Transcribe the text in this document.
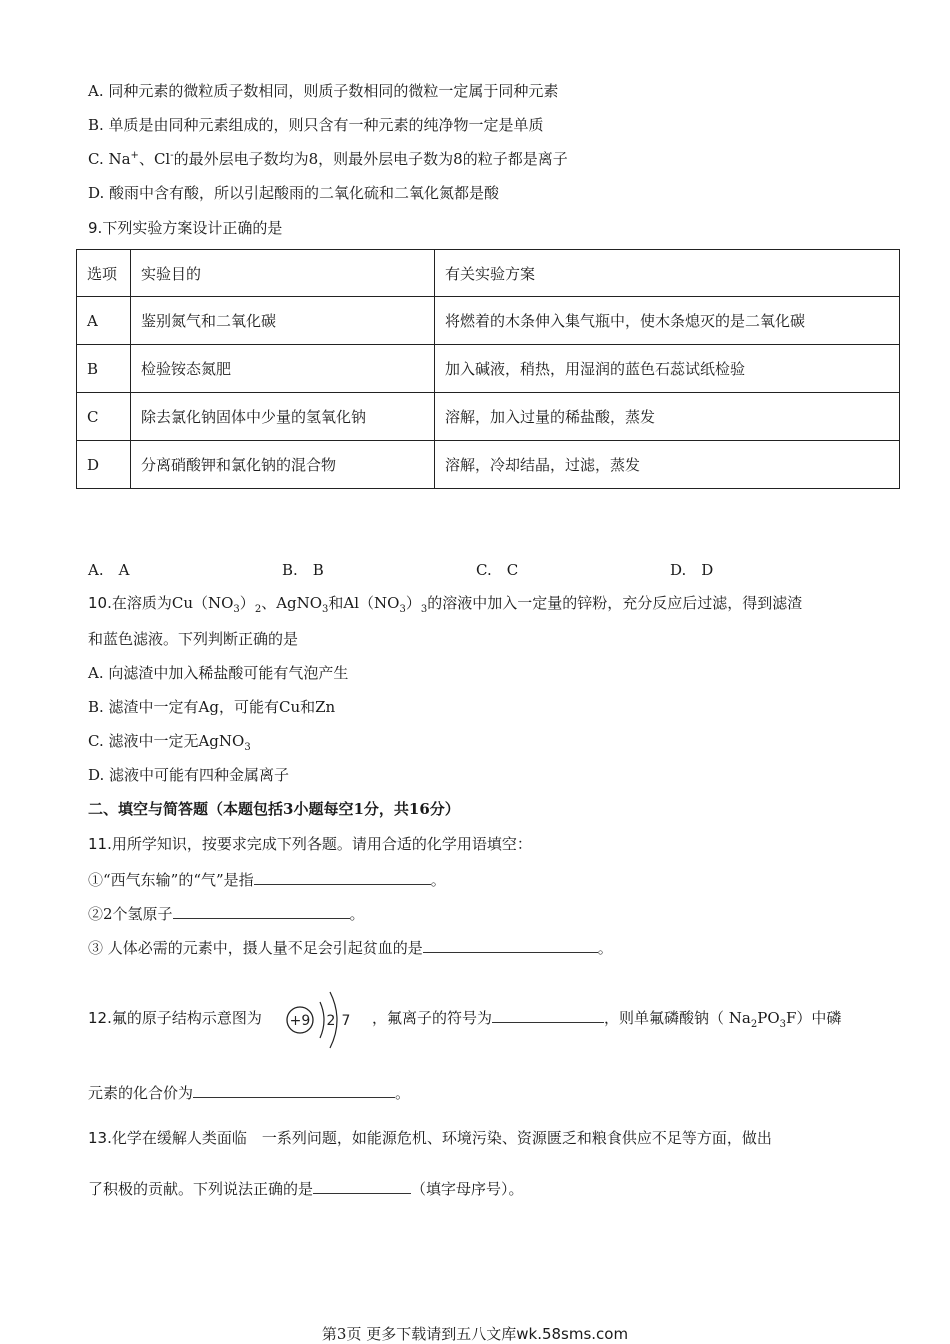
A. 同种元素的微粒质子数相同，则质子数相同的微粒一定属于同种元素
B. 单质是由同种元素组成的，则只含有一种元素的纯净物一定是单质
C. Na+、Cl-的最外层电子数均为8，则最外层电子数为8的粒子都是离子
D. 酸雨中含有酸，所以引起酸雨的二氧化硫和二氧化氮都是酸
9.下列实验方案设计正确的是
选项	实验目的	有关实验方案
A	鉴别氮气和二氧化碳	将燃着的木条伸入集气瓶中，使木条熄灭的是二氧化碳
B	检验铵态氮肥	加入碱液，稍热，用湿润的蓝色石蕊试纸检验
C	除去氯化钠固体中少量的氢氧化钠	溶解，加入过量的稀盐酸，蒸发
D	分离硝酸钾和氯化钠的混合物	溶解，冷却结晶，过滤，蒸发
A.　A	B.　B	C.　C	D.　D
10.在溶质为$Cu(NO_3)_2$、AgNO$_3$和$Al(NO_3)_3$的溶液中加入一定量的锌粉，充分反应后过滤，得到滤渣
和蓝色滤液。下列判断正确的是
A. 向滤渣中加入稀盐酸可能有气泡产生
B. 滤渣中一定有Ag，可能有Cu和Zn
C. 滤液中一定无AgNO$_3$
D. 滤液中可能有四种金属离子
二、填空与简答题（本题包括3小题每空1分，共16分）
11.用所学知识，按要求完成下列各题。请用合适的化学用语填空：
①“西气东输”的“气”是指	。
②2个氢原子	。
③ 人体必需的元素中，摄人量不足会引起贫血的是	。
12.氟的原子结构示意图为 +9 2 7 ，氟离子的符号为	，则单氟磷酸钠（ $Na_2PO_3F$）中磷
元素的化合价为	。
13.化学在缓解人类面临　一系列问题，如能源危机、环境污染、资源匮乏和粮食供应不足等方面，做出
了积极的贡献。下列说法正确的是	（填字母序号）。
第3页 更多下载请到五八文库wk.58sms.com
